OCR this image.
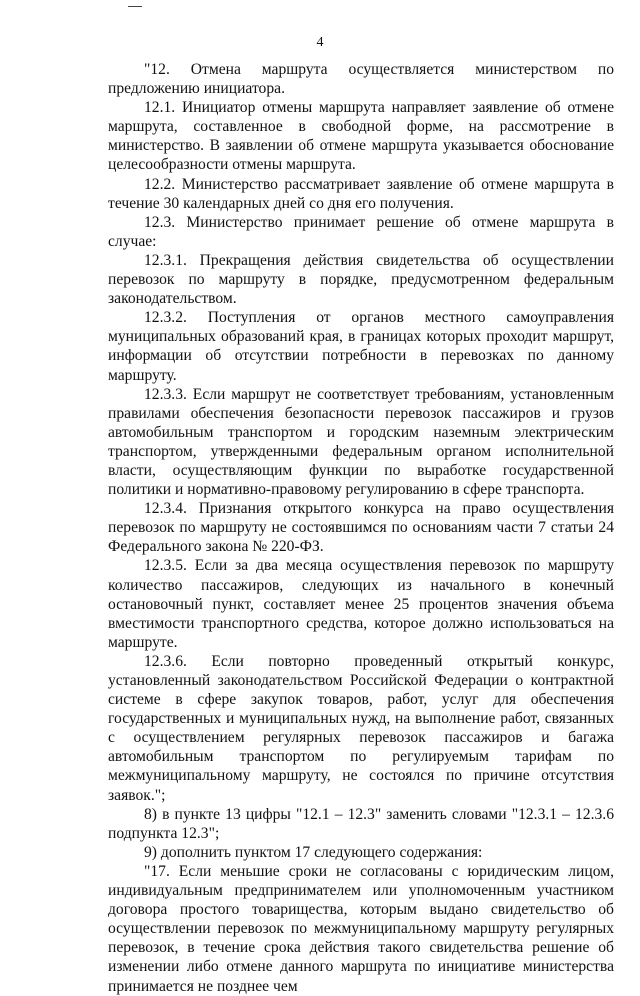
4

"12. Отмена маршрута осуществляется министерством по предложению инициатора.

12.1. Инициатор отмены маршрута направляет заявление об отмене маршрута, составленное в свободной форме, на рассмотрение в министерство. В заявлении об отмене маршрута указывается обоснование целесообразности отмены маршрута.

12.2. Министерство рассматривает заявление об отмене маршрута в течение 30 календарных дней со дня его получения.

12.3. Министерство принимает решение об отмене маршрута в случае:

12.3.1. Прекращения действия свидетельства об осуществлении перевозок по маршруту в порядке, предусмотренном федеральным законодательством.

12.3.2. Поступления от органов местного самоуправления муниципальных образований края, в границах которых проходит маршрут, информации об отсутствии потребности в перевозках по данному маршруту.

12.3.3. Если маршрут не соответствует требованиям, установленным правилами обеспечения безопасности перевозок пассажиров и грузов автомобильным транспортом и городским наземным электрическим транспортом, утвержденными федеральным органом исполнительной власти, осуществляющим функции по выработке государственной политики и нормативно-правовому регулированию в сфере транспорта.

12.3.4. Признания открытого конкурса на право осуществления перевозок по маршруту не состоявшимся по основаниям части 7 статьи 24 Федерального закона № 220-ФЗ.

12.3.5. Если за два месяца осуществления перевозок по маршруту количество пассажиров, следующих из начального в конечный остановочный пункт, составляет менее 25 процентов значения объема вместимости транспортного средства, которое должно использоваться на маршруте.

12.3.6. Если повторно проведенный открытый конкурс, установленный законодательством Российской Федерации о контрактной системе в сфере закупок товаров, работ, услуг для обеспечения государственных и муниципальных нужд, на выполнение работ, связанных с осуществлением регулярных перевозок пассажиров и багажа автомобильным транспортом по регулируемым тарифам по межмуниципальному маршруту, не состоялся по причине отсутствия заявок.";

8) в пункте 13 цифры "12.1 – 12.3" заменить словами "12.3.1 – 12.3.6 подпункта 12.3";

9) дополнить пунктом 17 следующего содержания:

"17. Если меньшие сроки не согласованы с юридическим лицом, индивидуальным предпринимателем или уполномоченным участником договора простого товарищества, которым выдано свидетельство об осуществлении перевозок по межмуниципальному маршруту регулярных перевозок, в течение срока действия такого свидетельства решение об изменении либо отмене данного маршрута по инициативе министерства принимается не позднее чем
